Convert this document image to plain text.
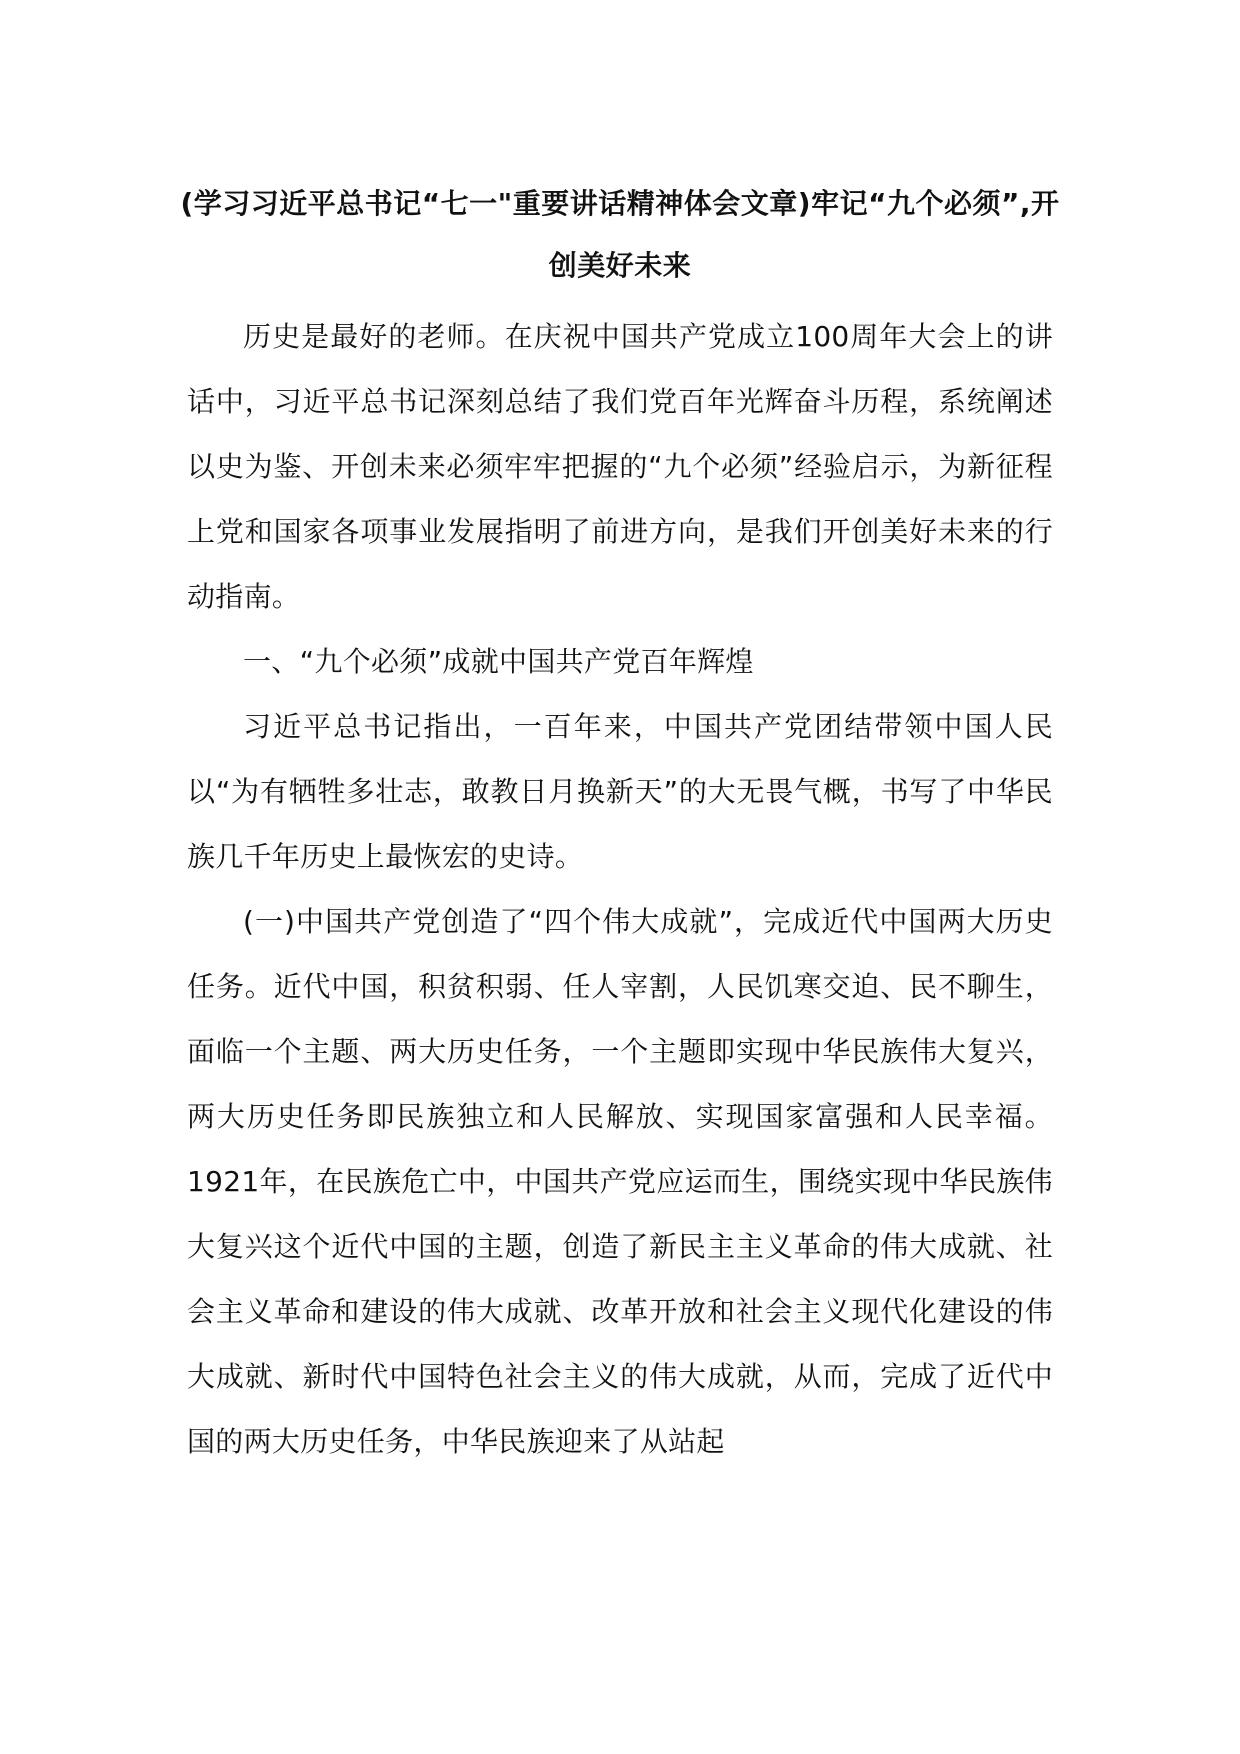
(学习习近平总书记“七一"重要讲话精神体会文章)牢记“九个必须”,开创美好未来

历史是最好的老师。在庆祝中国共产党成立100周年大会上的讲话中，习近平总书记深刻总结了我们党百年光辉奋斗历程，系统阐述以史为鉴、开创未来必须牢牢把握的“九个必须”经验启示，为新征程上党和国家各项事业发展指明了前进方向，是我们开创美好未来的行动指南。

一、“九个必须”成就中国共产党百年辉煌

习近平总书记指出，一百年来，中国共产党团结带领中国人民以“为有牺牲多壮志，敢教日月换新天”的大无畏气概，书写了中华民族几千年历史上最恢宏的史诗。

(一)中国共产党创造了“四个伟大成就”，完成近代中国两大历史任务。近代中国，积贫积弱、任人宰割，人民饥寒交迫、民不聊生，面临一个主题、两大历史任务，一个主题即实现中华民族伟大复兴，两大历史任务即民族独立和人民解放、实现国家富强和人民幸福。1921年，在民族危亡中，中国共产党应运而生，围绕实现中华民族伟大复兴这个近代中国的主题，创造了新民主主义革命的伟大成就、社会主义革命和建设的伟大成就、改革开放和社会主义现代化建设的伟大成就、新时代中国特色社会主义的伟大成就，从而，完成了近代中国的两大历史任务，中华民族迎来了从站起
